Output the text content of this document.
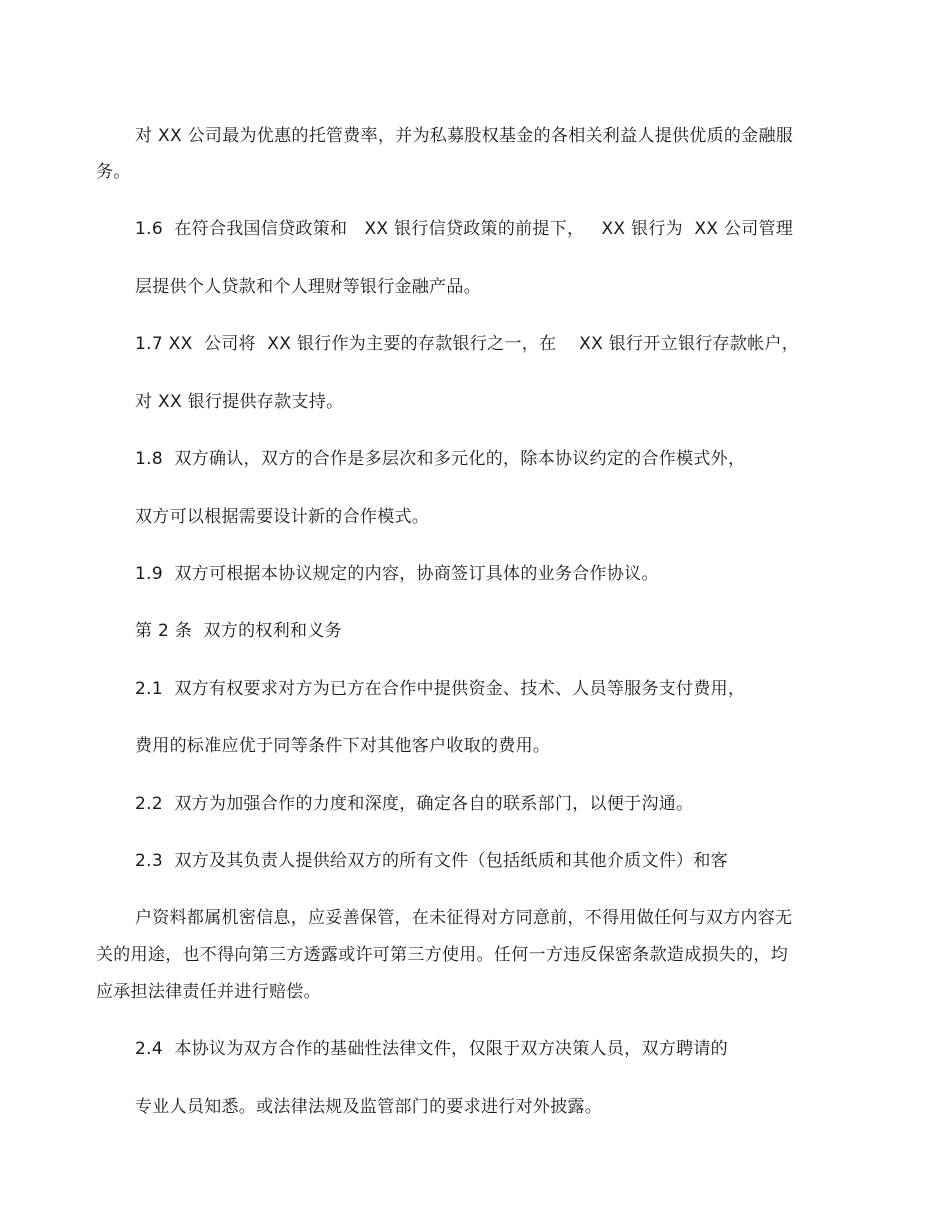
对 XX 公司最为优惠的托管费率，并为私募股权基金的各相关利益人提供优质的金融服
务。
1.6  在符合我国信贷政策和   XX 银行信贷政策的前提下，   XX 银行为  XX 公司管理
层提供个人贷款和个人理财等银行金融产品。
1.7 XX  公司将  XX 银行作为主要的存款银行之一，在    XX 银行开立银行存款帐户，
对 XX 银行提供存款支持。
1.8  双方确认，双方的合作是多层次和多元化的，除本协议约定的合作模式外，
双方可以根据需要设计新的合作模式。
1.9  双方可根据本协议规定的内容，协商签订具体的业务合作协议。
第 2 条  双方的权利和义务
2.1  双方有权要求对方为已方在合作中提供资金、技术、人员等服务支付费用，
费用的标准应优于同等条件下对其他客户收取的费用。
2.2  双方为加强合作的力度和深度，确定各自的联系部门，以便于沟通。
2.3  双方及其负责人提供给双方的所有文件（包括纸质和其他介质文件）和客
户资料都属机密信息，应妥善保管，在未征得对方同意前，不得用做任何与双方内容无
关的用途，也不得向第三方透露或许可第三方使用。任何一方违反保密条款造成损失的，均
应承担法律责任并进行赔偿。
2.4  本协议为双方合作的基础性法律文件，仅限于双方决策人员，双方聘请的
专业人员知悉。或法律法规及监管部门的要求进行对外披露。
